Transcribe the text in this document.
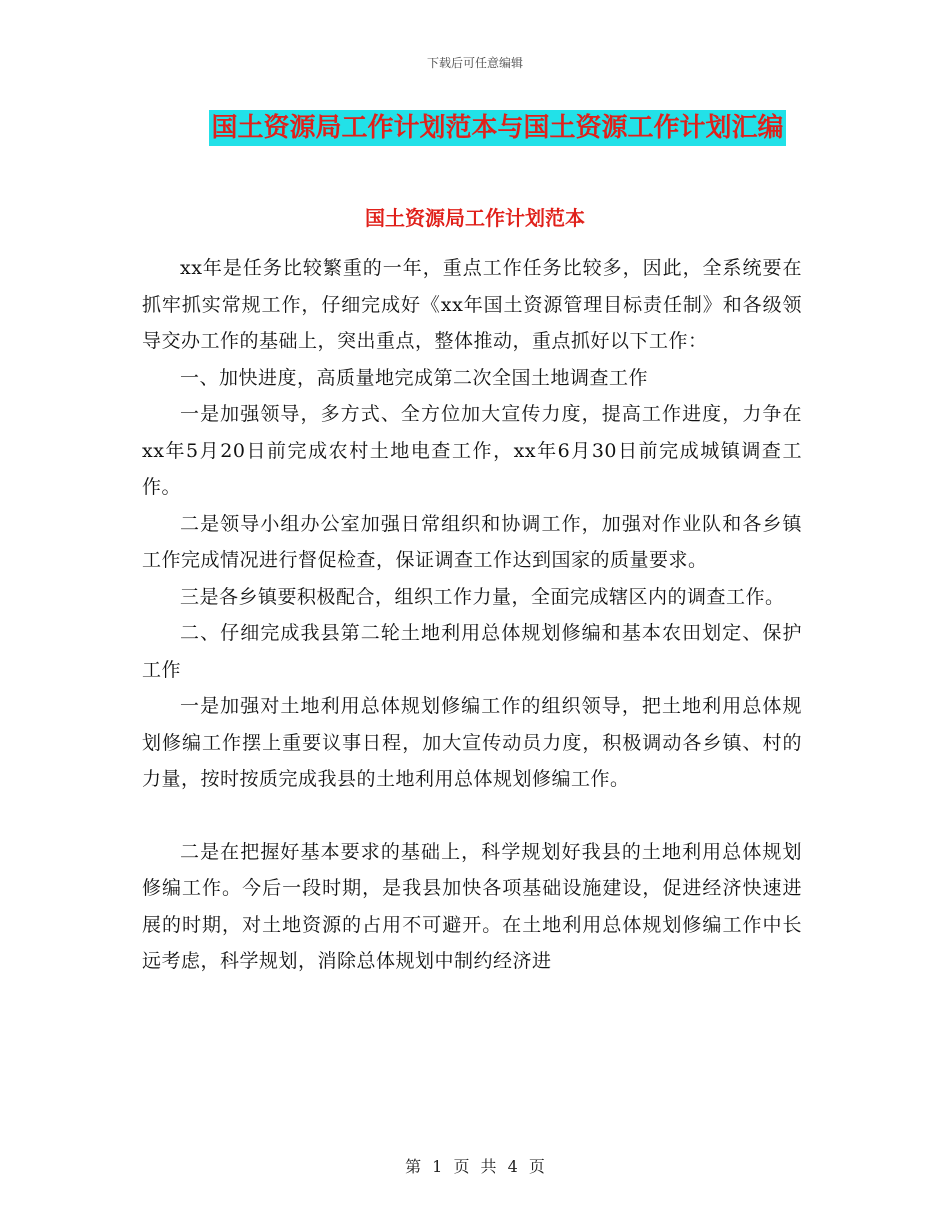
下载后可任意编辑
国土资源局工作计划范本与国土资源工作计划汇编
国土资源局工作计划范本

xx年是任务比较繁重的一年，重点工作任务比较多，因此，全系统要在抓牢抓实常规工作，仔细完成好《xx年国土资源管理目标责任制》和各级领导交办工作的基础上，突出重点，整体推动，重点抓好以下工作：

一、加快进度，高质量地完成第二次全国土地调查工作

一是加强领导，多方式、全方位加大宣传力度，提高工作进度，力争在xx年5月20日前完成农村土地电查工作，xx年6月30日前完成城镇调查工作。

二是领导小组办公室加强日常组织和协调工作，加强对作业队和各乡镇工作完成情况进行督促检查，保证调查工作达到国家的质量要求。

三是各乡镇要积极配合，组织工作力量，全面完成辖区内的调查工作。

二、仔细完成我县第二轮土地利用总体规划修编和基本农田划定、保护工作

一是加强对土地利用总体规划修编工作的组织领导，把土地利用总体规划修编工作摆上重要议事日程，加大宣传动员力度，积极调动各乡镇、村的力量，按时按质完成我县的土地利用总体规划修编工作。

二是在把握好基本要求的基础上，科学规划好我县的土地利用总体规划修编工作。今后一段时期，是我县加快各项基础设施建设，促进经济快速进展的时期，对土地资源的占用不可避开。在土地利用总体规划修编工作中长远考虑，科学规划，消除总体规划中制约经济进

第 1 页 共 4 页
